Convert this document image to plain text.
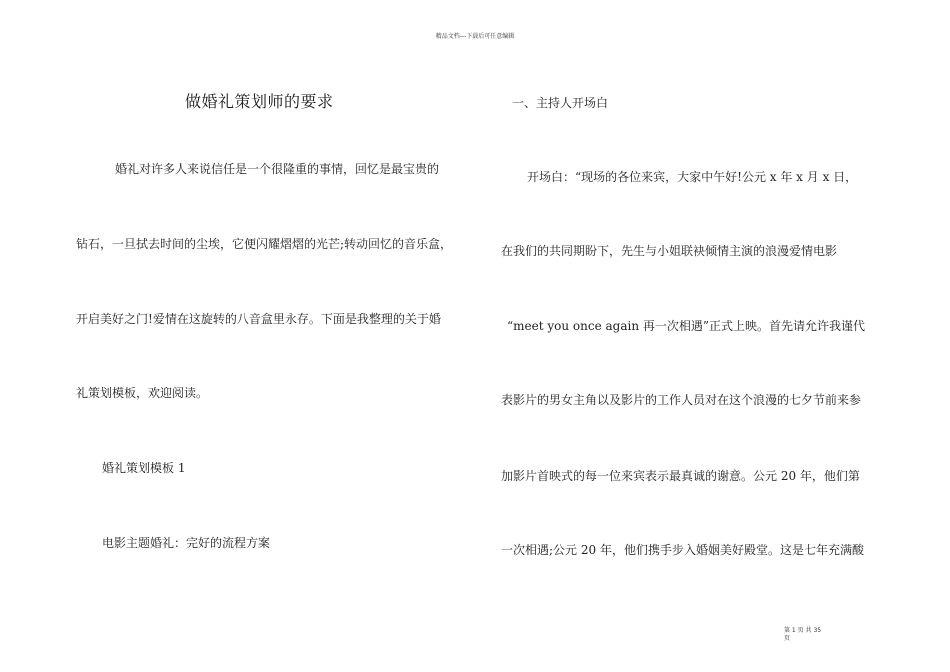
精品文档---下载后可任意编辑
做婚礼策划师的要求
婚礼对许多人来说信任是一个很隆重的事情，回忆是最宝贵的
钻石，一旦拭去时间的尘埃，它便闪耀熠熠的光芒;转动回忆的音乐盒，
开启美好之门!爱情在这旋转的八音盒里永存。下面是我整理的关于婚
礼策划模板，欢迎阅读。
婚礼策划模板 1
电影主题婚礼：完好的流程方案
一、主持人开场白
开场白：“现场的各位来宾，大家中午好!公元 x 年 x 月 x 日，
在我们的共同期盼下，先生与小姐联袂倾情主演的浪漫爱情电影
“meet you once again 再一次相遇”正式上映。首先请允许我谨代
表影片的男女主角以及影片的工作人员对在这个浪漫的七夕节前来参
加影片首映式的每一位来宾表示最真诚的谢意。公元 20 年，他们第
一次相遇;公元 20 年，他们携手步入婚姻美好殿堂。这是七年充满酸
第 1 页 共 35
页
